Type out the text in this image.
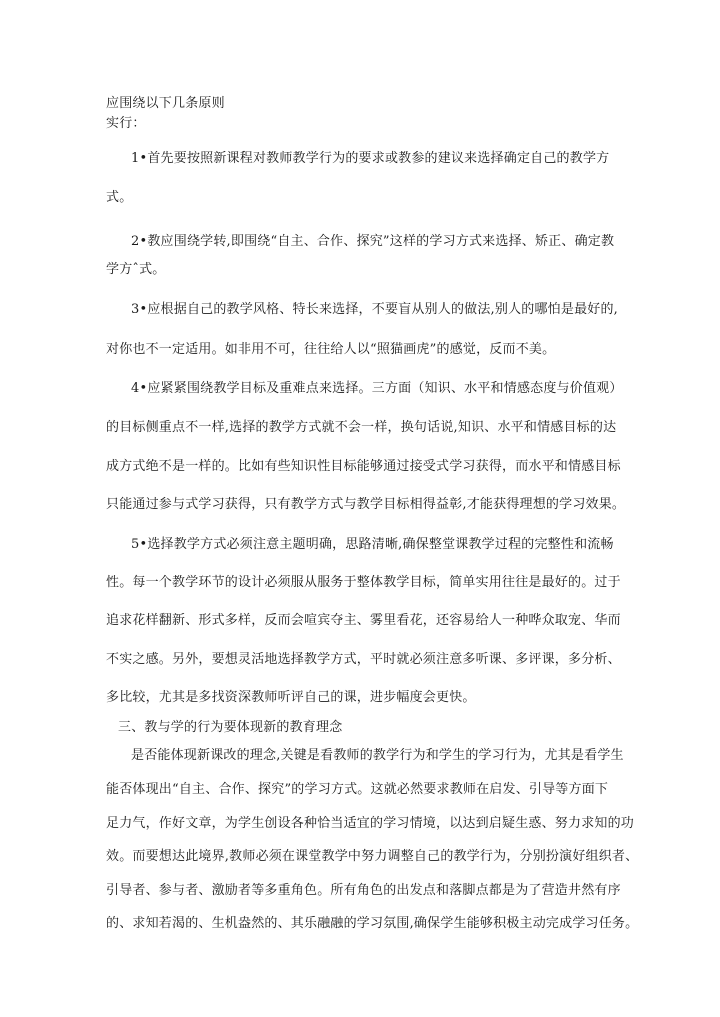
应围绕以下几条原则
实行：
1•首先要按照新课程对教师教学行为的要求或教参的建议来选择确定自己的教学方
式。
2•教应围绕学转,即围绕“自主、合作、探究”这样的学习方式来选择、矫正、确定教
学方ˆ式。
3•应根据自己的教学风格、特长来选择，不要盲从别人的做法,别人的哪怕是最好的,
对你也不一定适用。如非用不可，往往给人以“照猫画虎”的感觉，反而不美。
4•应紧紧围绕教学目标及重难点来选择。三方面（知识、水平和情感态度与价值观）
的目标侧重点不一样,选择的教学方式就不会一样，换句话说,知识、水平和情感目标的达
成方式绝不是一样的。比如有些知识性目标能够通过接受式学习获得，而水平和情感目标
只能通过参与式学习获得，只有教学方式与教学目标相得益彰,才能获得理想的学习效果。
5•选择教学方式必须注意主题明确，思路清晰,确保整堂课教学过程的完整性和流畅
性。每一个教学环节的设计必须服从服务于整体教学目标，简单实用往往是最好的。过于
追求花样翻新、形式多样，反而会喧宾夺主、雾里看花，还容易给人一种哗众取宠、华而
不实之感。另外，要想灵活地选择教学方式，平时就必须注意多听课、多评课，多分析、
多比较，尤其是多找资深教师听评自己的课，进步幅度会更快。
三、教与学的行为要体现新的教育理念
是否能体现新课改的理念,关键是看教师的教学行为和学生的学习行为，尤其是看学生
能否体现出“自主、合作、探究”的学习方式。这就必然要求教师在启发、引导等方面下
足力气，作好文章，为学生创设各种恰当适宜的学习情境，以达到启疑生惑、努力求知的功
效。而要想达此境界,教师必须在课堂教学中努力调整自己的教学行为，分别扮演好组织者、
引导者、参与者、激励者等多重角色。所有角色的出发点和落脚点都是为了营造井然有序
的、求知若渴的、生机盎然的、其乐融融的学习氛围,确保学生能够积极主动完成学习任务。
